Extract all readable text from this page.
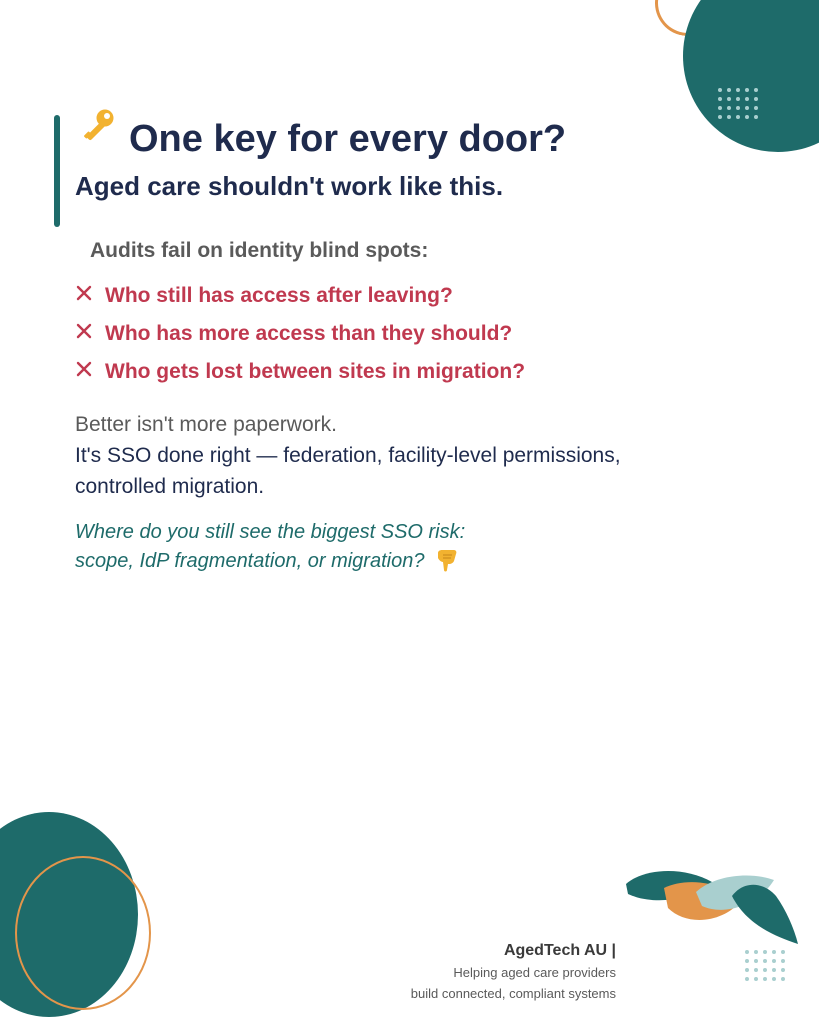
One key for every door?
Aged care shouldn't work like this.
Audits fail on identity blind spots:
Who still has access after leaving?
Who has more access than they should?
Who gets lost between sites in migration?

Better isn't more paperwork.
It's SSO done right — federation, facility-level permissions, controlled migration.

Where do you still see the biggest SSO risk:
scope, IdP fragmentation, or migration?

AgedTech AU |
Helping aged care providers
build connected, compliant systems
